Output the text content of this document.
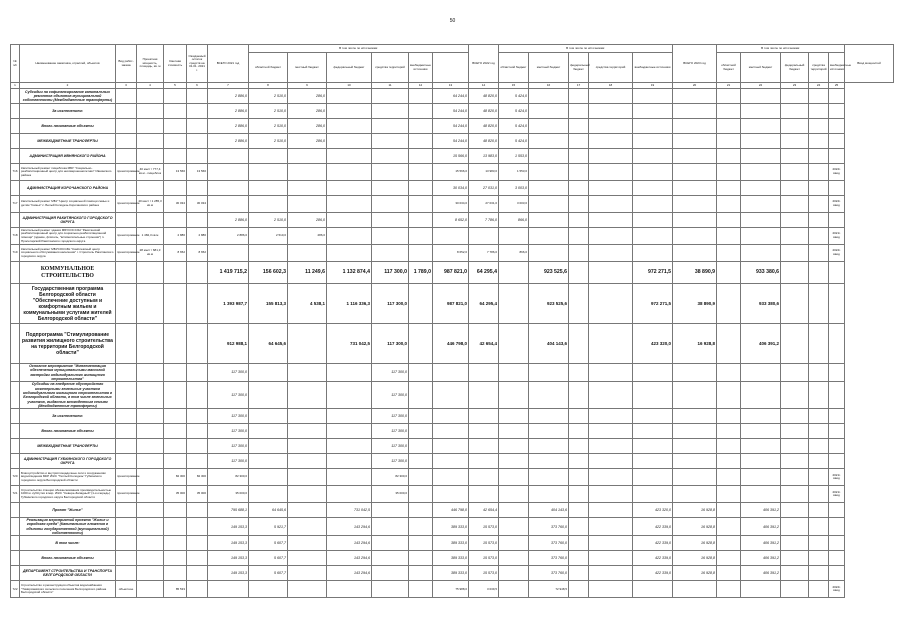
50
№ п/п	Наименование заказчика, отраслей, объектов	Вид работ-заказа	Проектная мощность, площадь, кв. м	Сметная стоимость	Ожидаемый остаток средств на 01.01. 2021 г.	ВСЕГО 2021 год	В том числе по источникам:						ВСЕГО 2022 год	В том числе по источникам:					ВСЕГО 2023 год	В том числе по источникам:					Ввод мощностей
							областной бюджет	местный бюджет	федеральный бюджет	средства территорий	внебюджетные источники			областной бюджет	местный бюджет	федеральный бюджет	средства территорий	внебюджетные источники		областной бюджет	местный бюджет	федеральный бюджет	средства территорий	внебюджетные источники	
1	2	3	4	5	6	7	8	9	10	11	12	13	14	15	16	17	18	19	20	21	22	23	24	25	
	Субсидии на софинансирование капитальных ремонтов объектов муниципальной собственности (Межбюджетные трансферты)					2 886,0	2 510,0	286,0				64 244,0	48 820,0	5 424,0											
	За исключением:					2 886,0	2 510,0	286,0				54 244,0	48 820,0	5 424,0											
	Вновь начинаемые объекты					2 886,0	2 510,0	286,0				54 244,0	48 820,0	5 424,0											
	МЕЖБЮДЖЕТНЫЕ ТРАНСФЕРТЫ					2 886,0	2 510,0	286,0				54 244,0	48 820,0	5 424,0											
	АДМИНИСТРАЦИЯ ИВНЯНСКОГО РАЙОНА											15 566,0	13 983,0	1 553,0											
716	Капитальный ремонт пищеблока МБУ "Социально-реабилитационный центр для несовершеннолетних" Ивнянского района	проектирование	40 мест / 777,4 кв.м - пищеблок	13 566	13 566							15 566,0	13 983,0	1 553,0										2022г. ввод	
	АДМИНИСТРАЦИЯ КОРОЧАНСКОГО РАЙОНА											30 034,0	27 031,0	3 003,0											
717	Капитальный ремонт МБУ "Центр социальной помощи семье и детям "Семья" с. Белый Колодезь Корочанского района	проектирование	40 мест / 1 285,3 кв.м	30 034	30 034							30 034,0	27 031,0	3 003,0										2022г. ввод	
	АДМИНИСТРАЦИЯ РАКИТЯНСКОГО ГОРОДСКОГО ОКРУГА					2 886,0	2 510,0	286,0				8 652,0	7 786,0	866,0											
718	Капитальный ремонт здания МБУСОССЗН "Ракитянский реабилитационный центр для социально-реабилитационной помощи" (здание, флигель, "вспомогательные строения") п. Пролетарский Ракитянского городского округа	проектирование	1 482,3 кв.м	2 886	2 886	2 886,0	2 510,0	286,0																2021г. ввод	
719	Капитальный ремонт МБУСОССЗН "Комплексный центр социального обслуживания населения" г. Строитель Ракитянского городского округа	проектирование	28 мест / 681,3 кв.м	8 652	8 652							8 652,0	7 786,0	866,0										2022г. ввод	
	КОММУНАЛЬНОЕ СТРОИТЕЛЬСТВО					1 419 715,2	156 602,3	11 249,6	1 132 874,4	117 300,0	1 789,0	987 821,0	64 295,4		923 525,6			972 271,5	38 890,9		933 380,6				
	Государственная программа Белгородской области "Обеспечение доступным и комфортным жильем и коммунальными услугами жителей Белгородской области"					1 393 987,7	155 813,3	4 538,1	1 116 336,3	117 300,0		987 821,0	64 295,4		923 525,6			972 271,5	38 890,9		933 380,6				
	Подпрограмма "Стимулирование развития жилищного строительства на территории Белгородской области"					912 988,1	64 645,6		731 042,5	117 300,0		446 798,0	42 654,4		404 143,6			423 320,0	16 928,8		406 391,2				
	Основное мероприятие "Имплементация обеспечения муниципальными массовой застройки индивидуального жилищного строительства"					117 300,0				117 300,0															
	Субсидии на внедрение обустройство инженерными земельных участков индивидуального жилищного строительства в Белгородской области, в том числе земельных участков, выданных многодетным семьям (Межбюджетные трансферты)					117 300,0				117 300,0															
	За исключением:					117 300,0				117 300,0															
	Вновь начинаемые объекты					117 300,0				117 300,0															
	МЕЖБЮДЖЕТНЫЕ ТРАНСФЕРТЫ					117 300,0				117 300,0															
	АДМИНИСТРАЦИЯ ГУБКИНСКОГО ГОРОДСКОГО ОКРУГА					117 300,0				117 300,0															
720	Благоустройство и внутриплощадочные сети к сооружениям водоотведения МКР ИЖС "Теплый Колодезь" Губкинского городского округа Белгородской области	проектирование		82 300	82 300	82 300,0				82 300,0														2021г. ввод	
721	Строительство станции обезжелезивания производительностью 1000 м. куб/сутки в мкр. ИЖС "Севере-Западный" (1-я очередь) Губкинского городского округа Белгородской области	проектирование		35 000	35 000	35 000,0				35 000,0														2021г. ввод	
	Проект "Жилье"					795 688,1	64 645,6		731 042,5			446 798,0	42 654,4		404 143,6			423 320,0	16 928,8		406 391,2				
	Реализация мероприятий проекта "Жилье и городская среда" (Капитальные вложения в объекты государственной (муниципальной) собственности)					149 153,3	5 921,7		143 294,6			389 333,0	15 573,0		373 760,0			422 339,0	16 928,8		406 391,2				
	В том числе:					149 153,3	5 607,7		143 294,6			389 333,0	15 573,0		373 760,0			422 339,0	16 928,8		406 391,2				
	Вновь начинаемые объекты					149 153,3	5 607,7		143 294,6			389 333,0	15 573,0		373 760,0			422 339,0	16 928,8		406 391,2				
	ДЕПАРТАМЕНТ СТРОИТЕЛЬСТВА И ТРАНСПОРТА БЕЛГОРОДСКОЙ ОБЛАСТИ					149 153,3	5 607,7		143 294,6			389 333,0	15 573,0		373 760,0			422 339,0	16 928,8		406 391,2				
722	Строительство и реконструкция объектов водоснабжения "Тимирязевского сельского поселения Белгородского района Белгородской области"	объектное		85 533								75 988,0	3 039,5		72 948,5									2022г. ввод	
